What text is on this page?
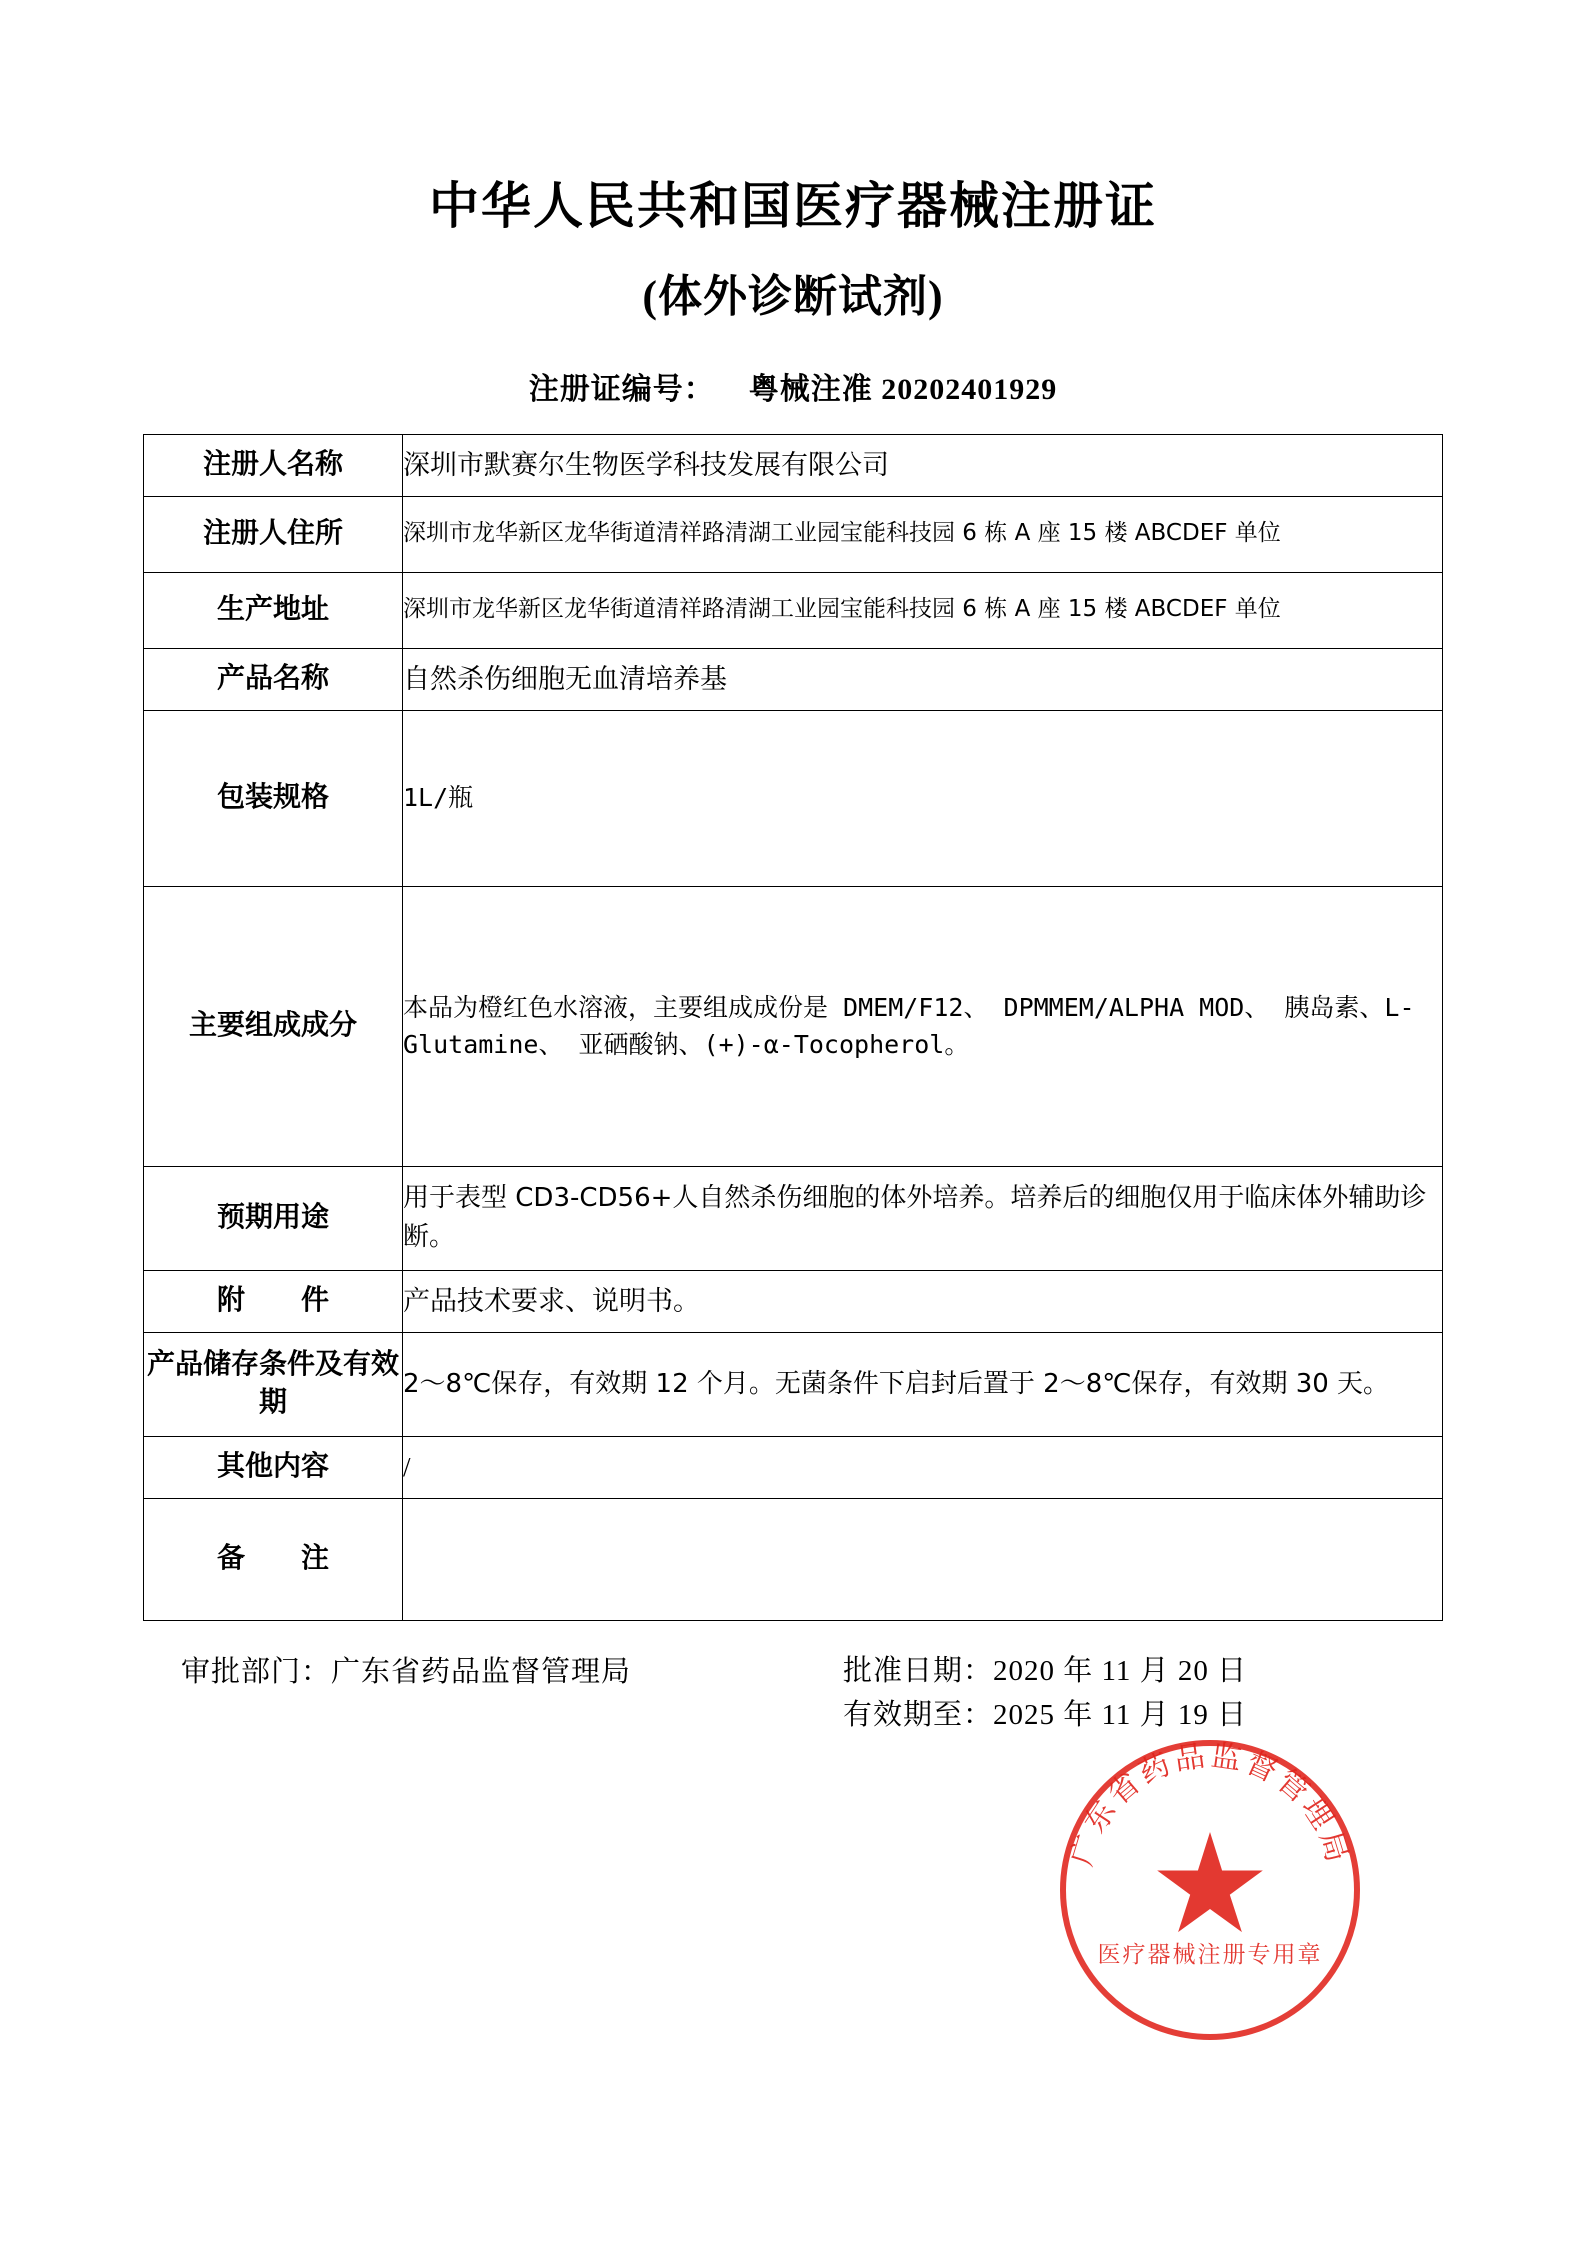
中华人民共和国医疗器械注册证
(体外诊断试剂)
注册证编号： 粤械注准 20202401929
注册人名称	深圳市默赛尔生物医学科技发展有限公司
注册人住所	深圳市龙华新区龙华街道清祥路清湖工业园宝能科技园 6 栋 A 座 15 楼 ABCDEF 单位
生产地址	深圳市龙华新区龙华街道清祥路清湖工业园宝能科技园 6 栋 A 座 15 楼 ABCDEF 单位
产品名称	自然杀伤细胞无血清培养基
包装规格	1L/瓶
主要组成成分	本品为橙红色水溶液，主要组成成份是 DMEM/F12、 DPMMEM/ALPHA MOD、 胰岛素、L-Glutamine、 亚硒酸钠、(+)-α-Tocopherol。
预期用途	用于表型 CD3-CD56+人自然杀伤细胞的体外培养。培养后的细胞仅用于临床体外辅助诊断。
附　　件	产品技术要求、说明书。
产品储存条件及有效期	2～8℃保存，有效期 12 个月。无菌条件下启封后置于 2～8℃保存，有效期 30 天。
其他内容	/
备　　注	
审批部门：广东省药品监督管理局	批准日期：2020 年 11 月 20 日
有效期至：2025 年 11 月 19 日
广东省药品监督管理局
医疗器械注册专用章
